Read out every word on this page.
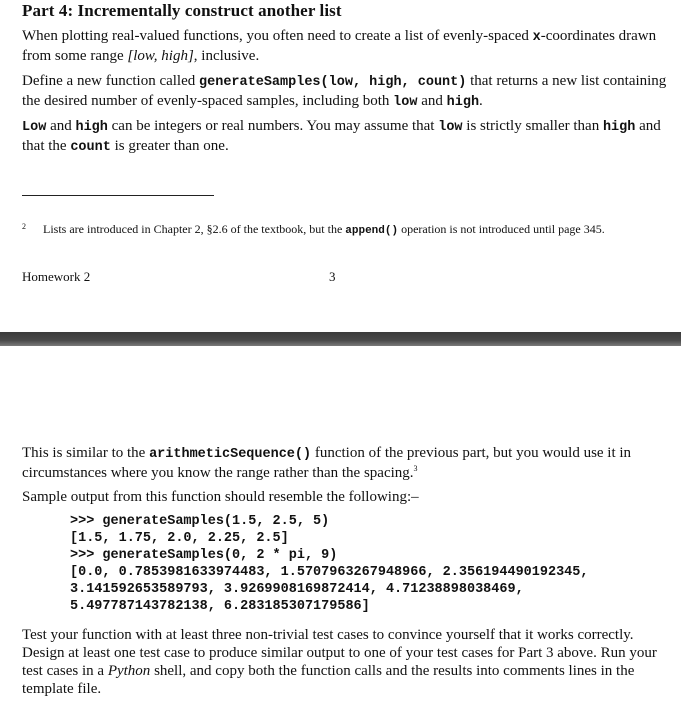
Part 4: Incrementally construct another list
When plotting real-valued functions, you often need to create a list of evenly-spaced x-coordinates drawn from some range [low, high], inclusive.
Define a new function called generateSamples(low, high, count) that returns a new list containing the desired number of evenly-spaced samples, including both low and high.
Low and high can be integers or real numbers. You may assume that low is strictly smaller than high and that the count is greater than one.
$^2$ Lists are introduced in Chapter 2, §2.6 of the textbook, but the append() operation is not introduced until page 345.
Homework 2	3
This is similar to the arithmeticSequence() function of the previous part, but you would use it in circumstances where you know the range rather than the spacing.$^3$
Sample output from this function should resemble the following:–
>>> generateSamples(1.5, 2.5, 5)
[1.5, 1.75, 2.0, 2.25, 2.5]
>>> generateSamples(0, 2 * pi, 9)
[0.0, 0.7853981633974483, 1.5707963267948966, 2.356194490192345,
3.141592653589793, 3.9269908169872414, 4.71238898038469,
5.497787143782138, 6.283185307179586]
Test your function with at least three non-trivial test cases to convince yourself that it works correctly. Design at least one test case to produce similar output to one of your test cases for Part 3 above. Run your test cases in a Python shell, and copy both the function calls and the results into comments lines in the template file.
